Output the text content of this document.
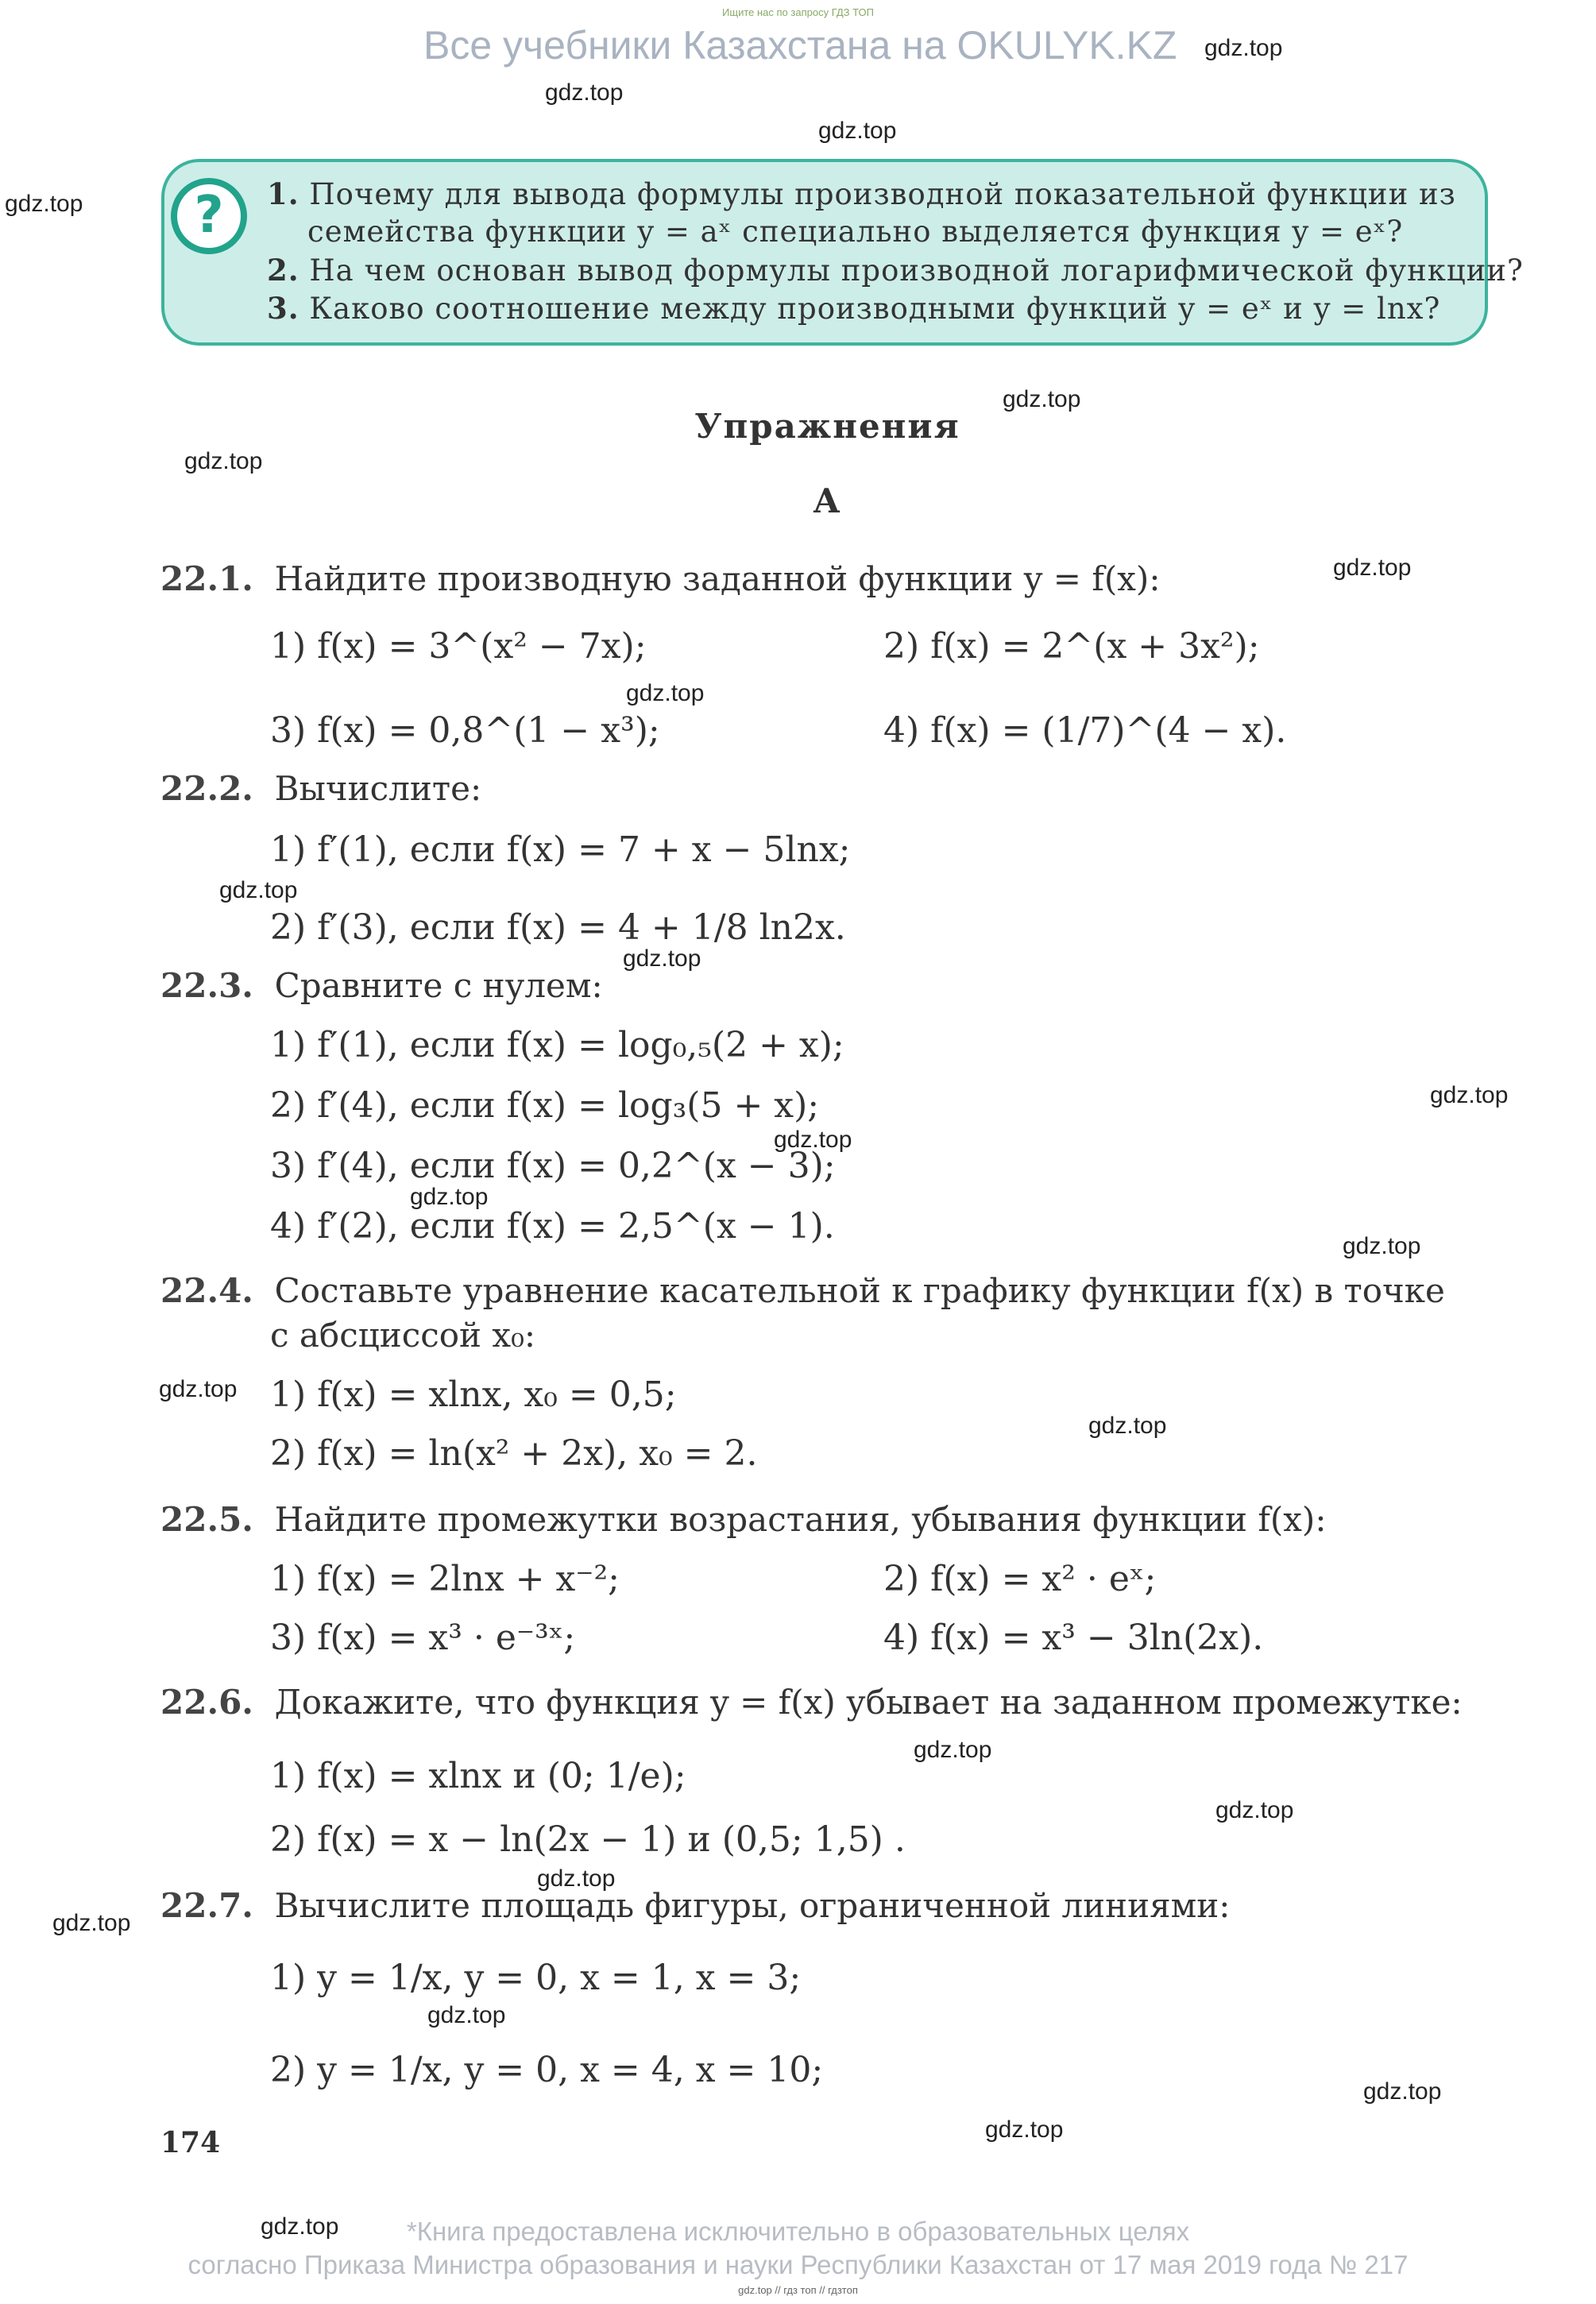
Ищите нас по запросу ГДЗ ТОП
Все учебники Казахстана на OKULYK.KZ gdz.top
gdz.top
gdz.top
gdz.top
gdz.top
gdz.top
gdz.top
gdz.top
gdz.top
gdz.top
gdz.top
gdz.top
gdz.top
gdz.top
gdz.top
gdz.top
gdz.top
gdz.top
gdz.top
gdz.top
gdz.top
gdz.top
gdz.top
gdz.top
?	1. Почему для вывода формулы производной показательной функции из
семейства функции y = aˣ специально выделяется функция y = eˣ?
2. На чем основан вывод формулы производной логарифмической функции?
3. Каково соотношение между производными функций y = eˣ и y = lnx?
Упражнения
А
22.1. Найдите производную заданной функции y = f(x):
1) f(x) = 3^(x² − 7x);	2) f(x) = 2^(x + 3x²);
3) f(x) = 0,8^(1 − x³);	4) f(x) = (1/7)^(4 − x).
22.2. Вычислите:
1) f′(1), если f(x) = 7 + x − 5lnx;
2) f′(3), если f(x) = 4 + 1/8 ln2x.
22.3. Сравните с нулем:
1) f′(1), если f(x) = log₀,₅(2 + x);
2) f′(4), если f(x) = log₃(5 + x);
3) f′(4), если f(x) = 0,2^(x − 3);
4) f′(2), если f(x) = 2,5^(x − 1).
22.4. Составьте уравнение касательной к графику функции f(x) в точке
с абсциссой x₀:
1) f(x) = xlnx, x₀ = 0,5;
2) f(x) = ln(x² + 2x), x₀ = 2.
22.5. Найдите промежутки возрастания, убывания функции f(x):
1) f(x) = 2lnx + x⁻²;	2) f(x) = x² · eˣ;
3) f(x) = x³ · e⁻³ˣ;	4) f(x) = x³ − 3ln(2x).
22.6. Докажите, что функция y = f(x) убывает на заданном промежутке:
1) f(x) = xlnx и (0; 1/e);
2) f(x) = x − ln(2x − 1) и (0,5; 1,5) .
22.7. Вычислите площадь фигуры, ограниченной линиями:
1) y = 1/x, y = 0, x = 1, x = 3;
2) y = 1/x, y = 0, x = 4, x = 10;
174
*Книга предоставлена исключительно в образовательных целях
согласно Приказа Министра образования и науки Республики Казахстан от 17 мая 2019 года № 217
gdz.top // гдз топ // гдзтоп
